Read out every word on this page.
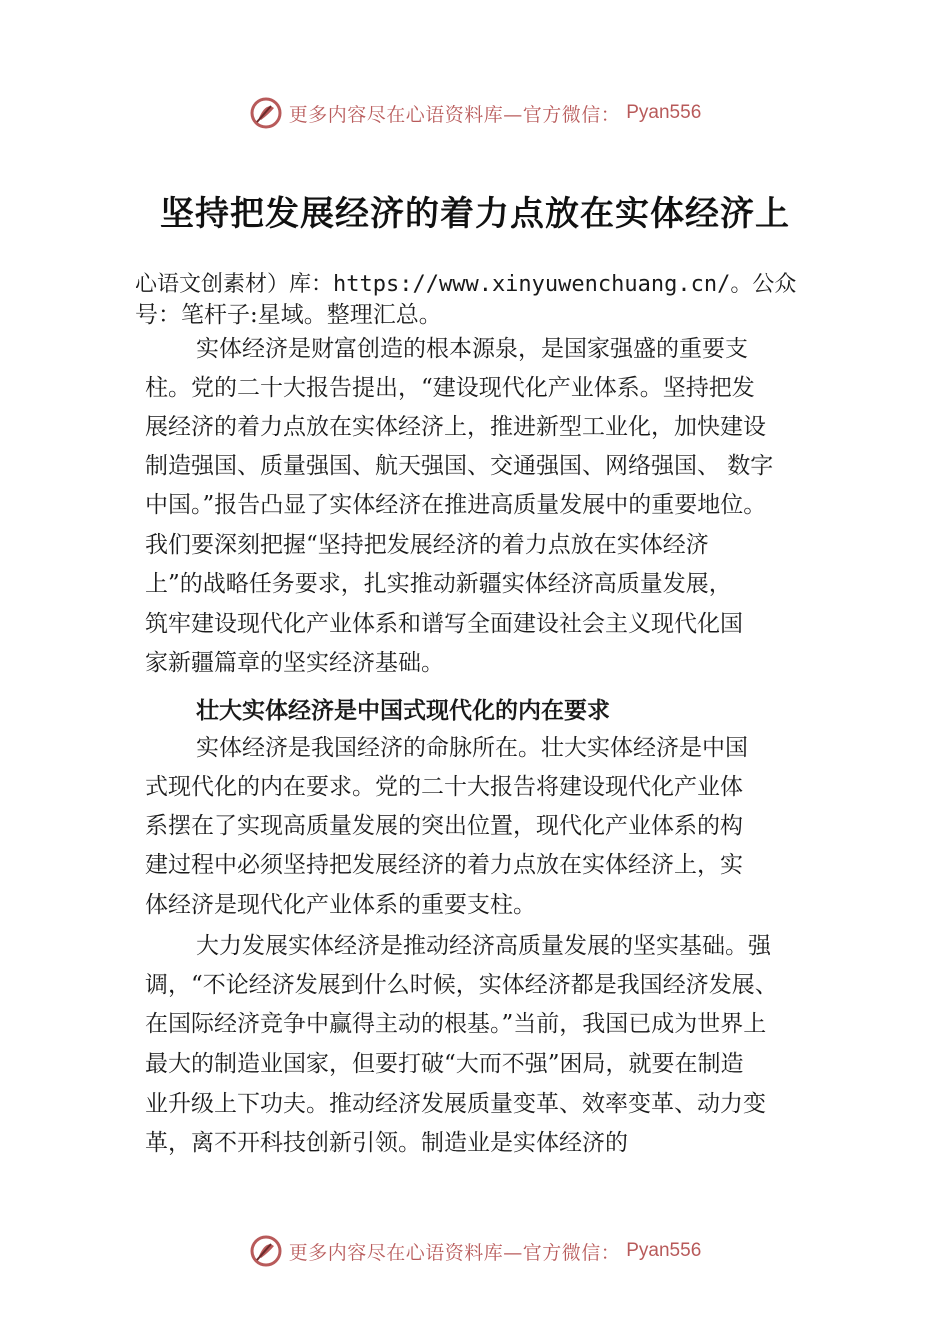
更多内容尽在心语资料库—官方微信： Pyan556
坚持把发展经济的着力点放在实体经济上
心语文创素材）库：https://www.xinyuwenchuang.cn/。公众
号：笔杆子:星域。整理汇总。
实体经济是财富创造的根本源泉，是国家强盛的重要支
柱。党的二十大报告提出，“建设现代化产业体系。坚持把发
展经济的着力点放在实体经济上，推进新型工业化，加快建设
制造强国、质量强国、航天强国、交通强国、网络强国、 数字
中国。”报告凸显了实体经济在推进高质量发展中的重要地位。
我们要深刻把握“坚持把发展经济的着力点放在实体经济
上”的战略任务要求，扎实推动新疆实体经济高质量发展，
筑牢建设现代化产业体系和谱写全面建设社会主义现代化国
家新疆篇章的坚实经济基础。
壮大实体经济是中国式现代化的内在要求
实体经济是我国经济的命脉所在。壮大实体经济是中国
式现代化的内在要求。党的二十大报告将建设现代化产业体
系摆在了实现高质量发展的突出位置，现代化产业体系的构
建过程中必须坚持把发展经济的着力点放在实体经济上，实
体经济是现代化产业体系的重要支柱。
大力发展实体经济是推动经济高质量发展的坚实基础。强
调，“不论经济发展到什么时候，实体经济都是我国经济发展、
在国际经济竞争中赢得主动的根基。”当前，我国已成为世界上
最大的制造业国家，但要打破“大而不强”困局，就要在制造
业升级上下功夫。推动经济发展质量变革、效率变革、动力变
革，离不开科技创新引领。制造业是实体经济的
更多内容尽在心语资料库—官方微信： Pyan556
